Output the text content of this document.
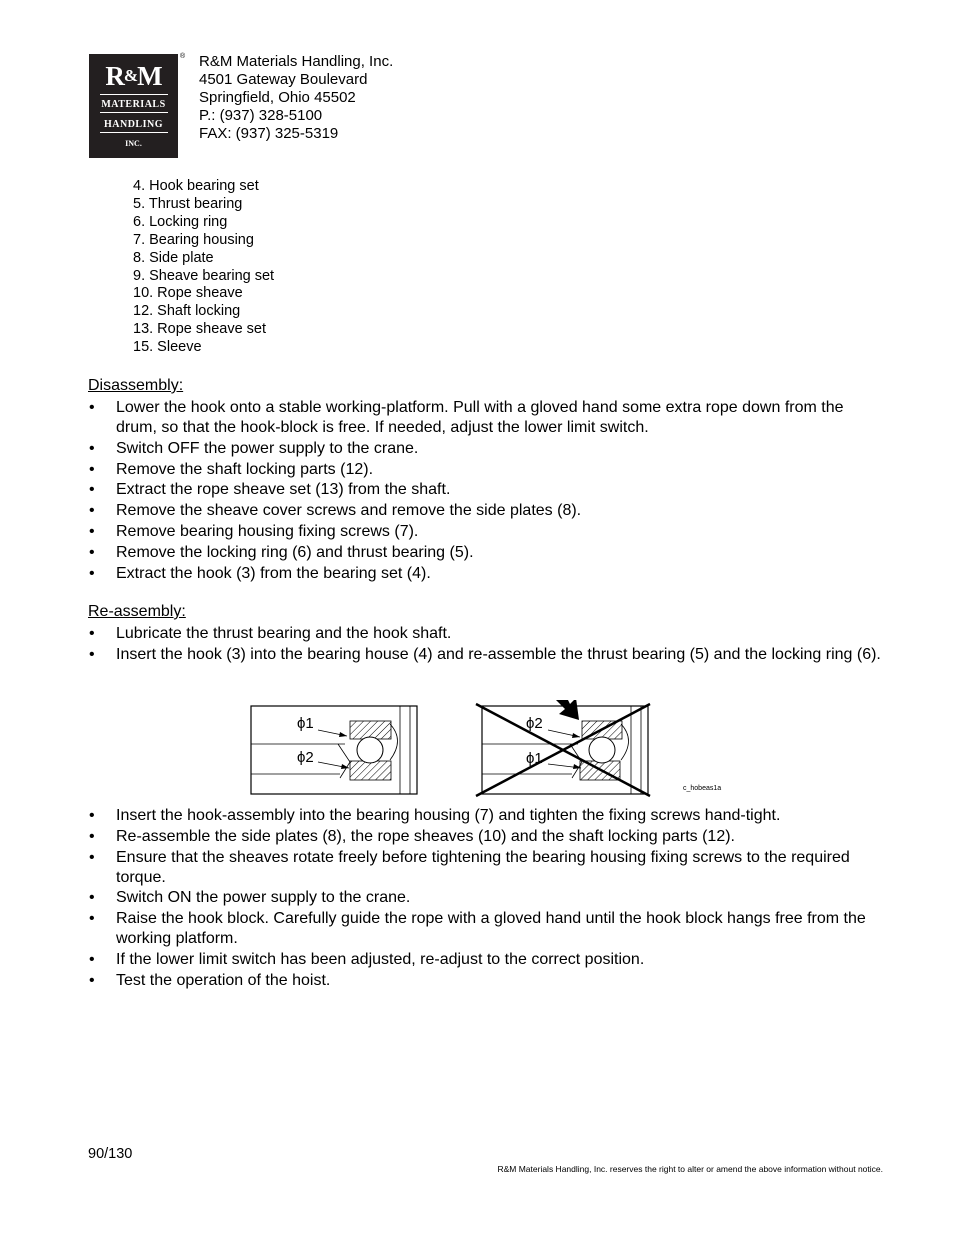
R&M
MATERIALS
HANDLING
INC.
® R&M Materials Handling, Inc.
4501 Gateway Boulevard
Springfield, Ohio 45502
P.: (937) 328-5100
FAX: (937) 325-5319
4. Hook bearing set
5. Thrust bearing
6. Locking ring
7. Bearing housing
8. Side plate
9. Sheave bearing set
10. Rope sheave
12. Shaft locking
13. Rope sheave set
15. Sleeve
Disassembly:
• Lower the hook onto a stable working-platform. Pull with a gloved hand some extra rope down from the drum, so that the hook-block is free. If needed, adjust the lower limit switch.
• Switch OFF the power supply to the crane.
• Remove the shaft locking parts (12).
• Extract the rope sheave set (13) from the shaft.
• Remove the sheave cover screws and remove the side plates (8).
• Remove bearing housing fixing screws (7).
• Remove the locking ring (6) and thrust bearing (5).
• Extract the hook (3) from the bearing set (4).
Re-assembly:
• Lubricate the thrust bearing and the hook shaft.
• Insert the hook (3) into the bearing house (4) and re-assemble the thrust bearing (5) and the locking ring (6).
ϕ1
ϕ2
ϕ2
ϕ1
c_hobeas1a
• Insert the hook-assembly into the bearing housing (7) and tighten the fixing screws hand-tight.
• Re-assemble the side plates (8), the rope sheaves (10) and the shaft locking parts (12).
• Ensure that the sheaves rotate freely before tightening the bearing housing fixing screws to the required torque.
• Switch ON the power supply to the crane.
• Raise the hook block. Carefully guide the rope with a gloved hand until the hook block hangs free from the working platform.
• If the lower limit switch has been adjusted, re-adjust to the correct position.
• Test the operation of the hoist.
90/130
R&M Materials Handling, Inc. reserves the right to alter or amend the above information without notice.
